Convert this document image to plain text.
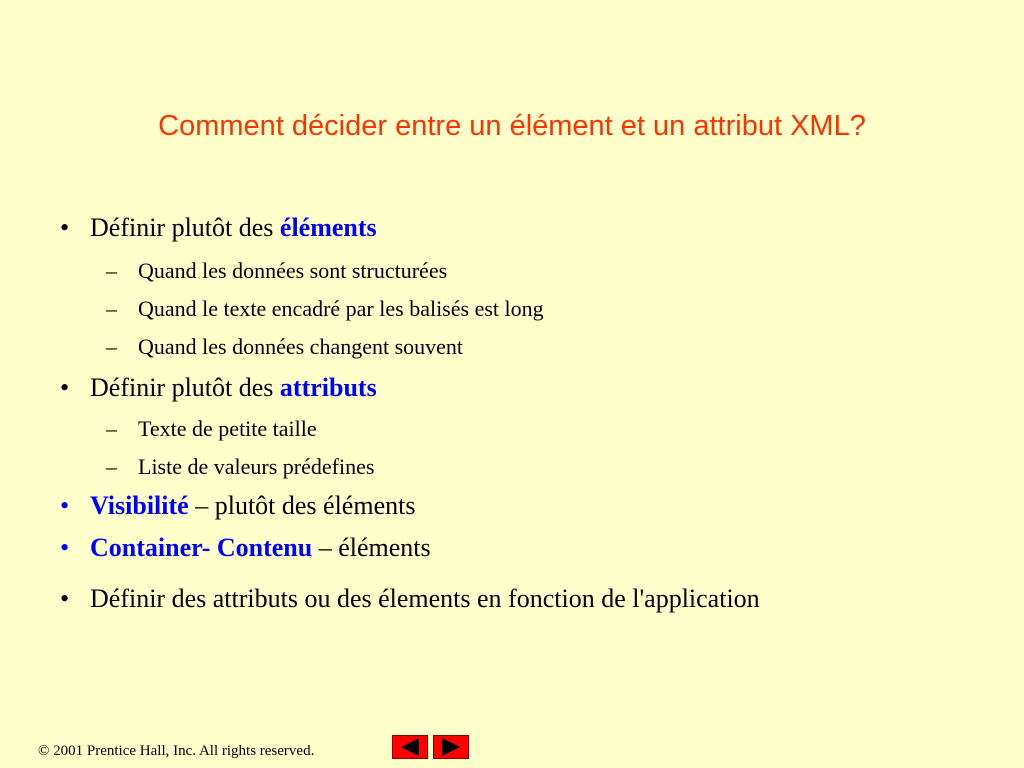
Comment décider entre un élément et un attribut XML?
• Définir plutôt des éléments
– Quand les données sont structurées
– Quand le texte encadré par les balisés est long
– Quand les données changent souvent
• Définir plutôt des attributs
– Texte de petite taille
– Liste de valeurs prédefines
• Visibilité – plutôt des éléments
• Container- Contenu – éléments
• Définir des attributs ou des élements en fonction de l'application
© 2001 Prentice Hall, Inc. All rights reserved.
